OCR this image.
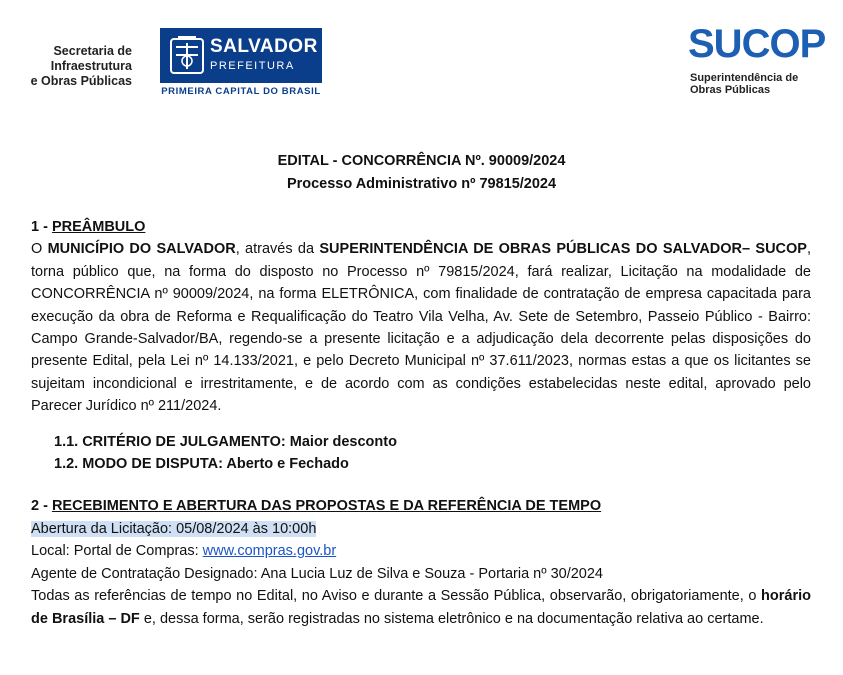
Secretaria de
Infraestrutura
e Obras Públicas
SALVADOR
PREFEITURA
PRIMEIRA CAPITAL DO BRASIL
SUCOP
Superintendência de
Obras Públicas
EDITAL - CONCORRÊNCIA Nº. 90009/2024
Processo Administrativo nº 79815/2024
1 - PREÂMBULO

O MUNICÍPIO DO SALVADOR, através da SUPERINTENDÊNCIA DE OBRAS PÚBLICAS DO SALVADOR– SUCOP, torna público que, na forma do disposto no Processo nº 79815/2024, fará realizar, Licitação na modalidade de CONCORRÊNCIA nº 90009/2024, na forma ELETRÔNICA, com finalidade de contratação de empresa capacitada para execução da obra de Reforma e Requalificação do Teatro Vila Velha, Av. Sete de Setembro, Passeio Público - Bairro: Campo Grande-Salvador/BA, regendo-se a presente licitação e a adjudicação dela decorrente pelas disposições do presente Edital, pela Lei nº 14.133/2021, e pelo Decreto Municipal nº 37.611/2023, normas estas a que os licitantes se sujeitam incondicional e irrestritamente, e de acordo com as condições estabelecidas neste edital, aprovado pelo Parecer Jurídico nº 211/2024.

1.1. CRITÉRIO DE JULGAMENTO: Maior desconto
1.2. MODO DE DISPUTA: Aberto e Fechado
2 - RECEBIMENTO E ABERTURA DAS PROPOSTAS E DA REFERÊNCIA DE TEMPO
Abertura da Licitação: 05/08/2024 às 10:00h
Local: Portal de Compras: www.compras.gov.br
Agente de Contratação Designado: Ana Lucia Luz de Silva e Souza - Portaria nº 30/2024

Todas as referências de tempo no Edital, no Aviso e durante a Sessão Pública, observarão, obrigatoriamente, o horário de Brasília – DF e, dessa forma, serão registradas no sistema eletrônico e na documentação relativa ao certame.
